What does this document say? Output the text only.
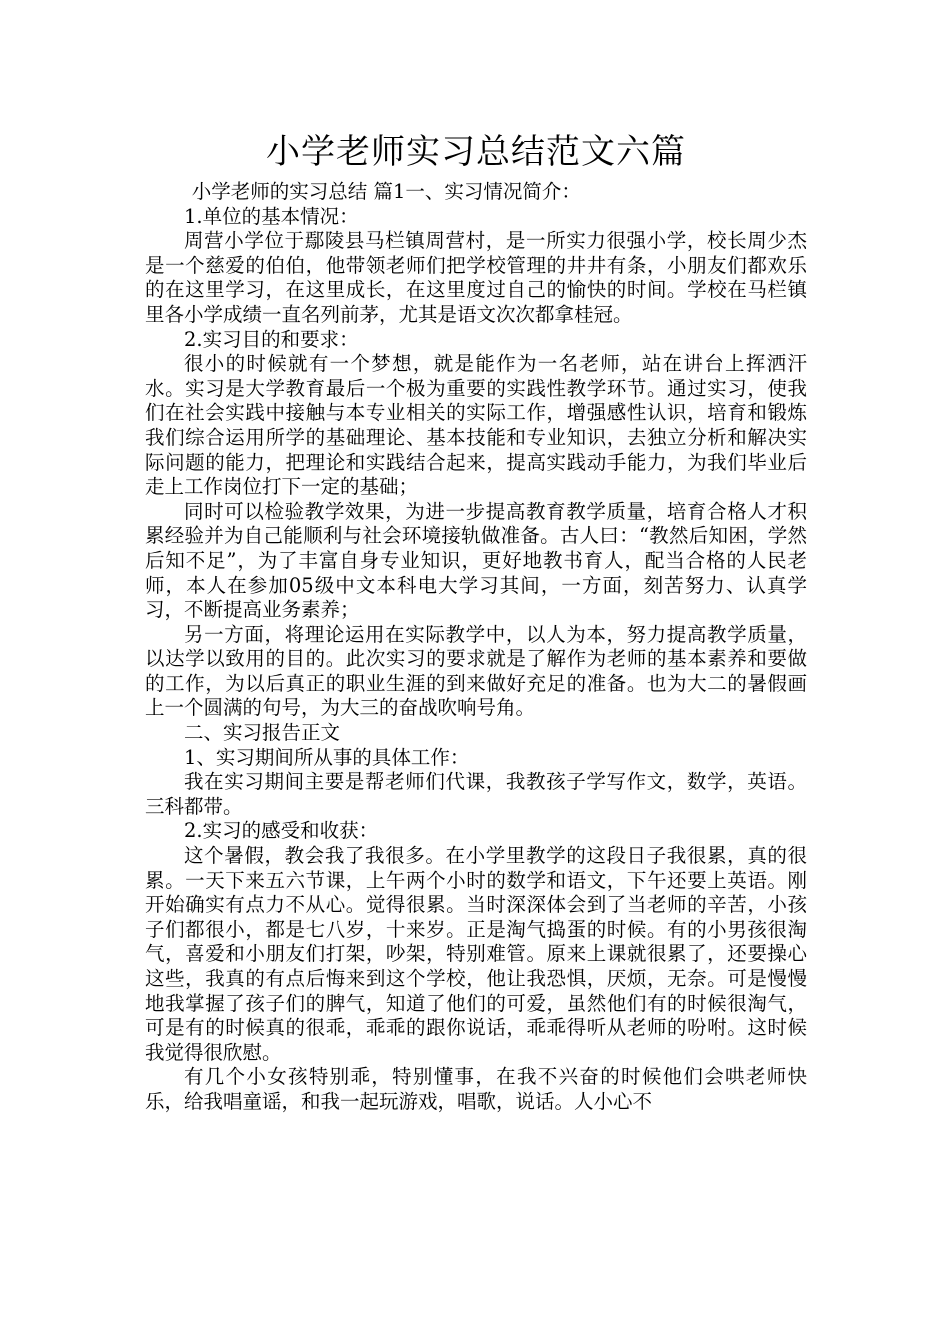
小学老师实习总结范文六篇

小学老师的实习总结 篇1一、实习情况简介：

1.单位的基本情况：

周营小学位于鄢陵县马栏镇周营村，是一所实力很强小学，校长周少杰是一个慈爱的伯伯，他带领老师们把学校管理的井井有条，小朋友们都欢乐的在这里学习，在这里成长，在这里度过自己的愉快的时间。学校在马栏镇里各小学成绩一直名列前茅，尤其是语文次次都拿桂冠。

2.实习目的和要求：

很小的时候就有一个梦想，就是能作为一名老师，站在讲台上挥洒汗水。实习是大学教育最后一个极为重要的实践性教学环节。通过实习，使我们在社会实践中接触与本专业相关的实际工作，增强感性认识，培育和锻炼我们综合运用所学的基础理论、基本技能和专业知识，去独立分析和解决实际问题的能力，把理论和实践结合起来，提高实践动手能力，为我们毕业后走上工作岗位打下一定的基础；

同时可以检验教学效果，为进一步提高教育教学质量，培育合格人才积累经验并为自己能顺利与社会环境接轨做准备。古人曰：“教然后知困，学然后知不足”，为了丰富自身专业知识，更好地教书育人，配当合格的人民老师，本人在参加05级中文本科电大学习其间，一方面，刻苦努力、认真学习，不断提高业务素养；

另一方面，将理论运用在实际教学中，以人为本，努力提高教学质量，以达学以致用的目的。此次实习的要求就是了解作为老师的基本素养和要做的工作，为以后真正的职业生涯的到来做好充足的准备。也为大二的暑假画上一个圆满的句号，为大三的奋战吹响号角。

二、实习报告正文

1、实习期间所从事的具体工作：

我在实习期间主要是帮老师们代课，我教孩子学写作文，数学，英语。三科都带。

2.实习的感受和收获：

这个暑假，教会我了我很多。在小学里教学的这段日子我很累，真的很累。一天下来五六节课，上午两个小时的数学和语文，下午还要上英语。刚开始确实有点力不从心。觉得很累。当时深深体会到了当老师的辛苦，小孩子们都很小，都是七八岁，十来岁。正是淘气捣蛋的时候。有的小男孩很淘气，喜爱和小朋友们打架，吵架，特别难管。原来上课就很累了，还要操心这些，我真的有点后悔来到这个学校，他让我恐惧，厌烦，无奈。可是慢慢地我掌握了孩子们的脾气，知道了他们的可爱，虽然他们有的时候很淘气，可是有的时候真的很乖，乖乖的跟你说话，乖乖得听从老师的吩咐。这时候我觉得很欣慰。

有几个小女孩特别乖，特别懂事，在我不兴奋的时候他们会哄老师快乐，给我唱童谣，和我一起玩游戏，唱歌，说话。人小心不
